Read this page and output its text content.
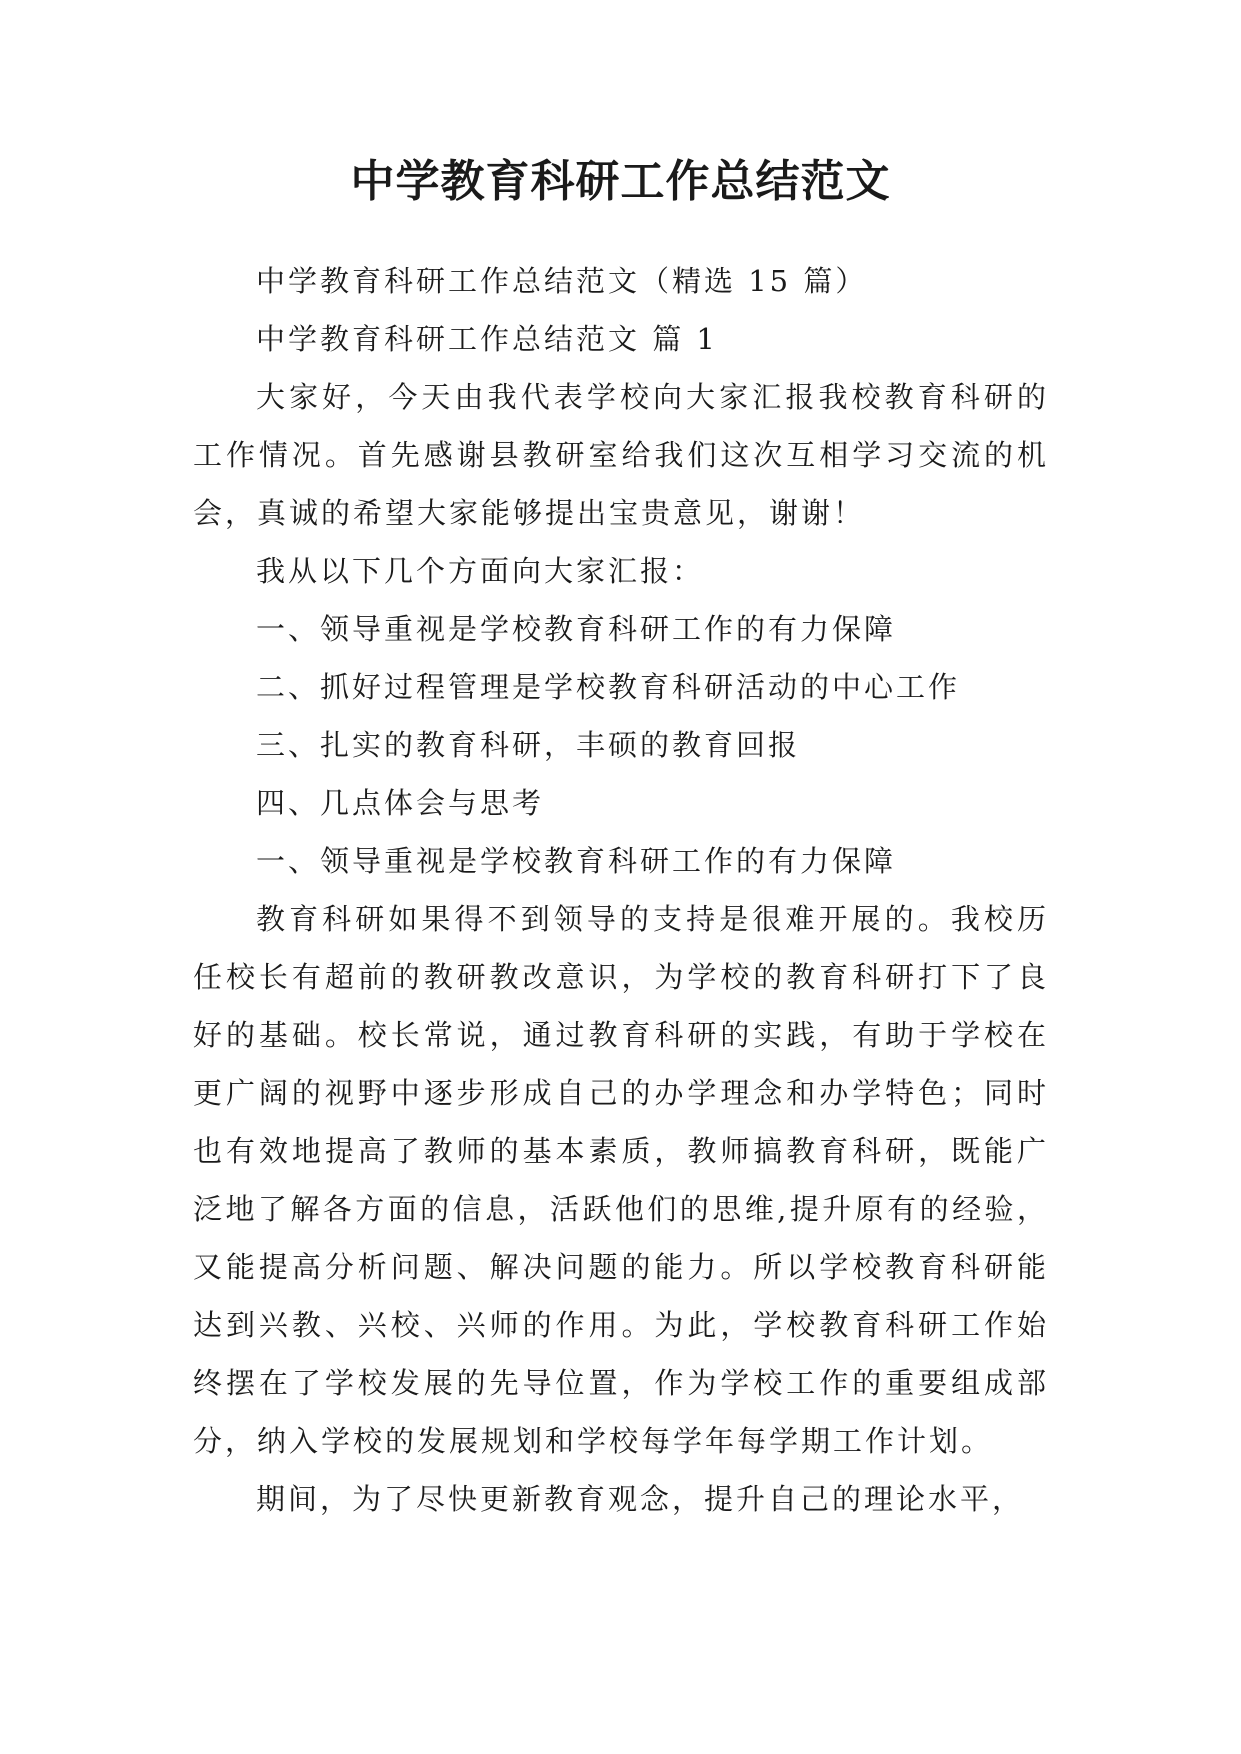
中学教育科研工作总结范文

中学教育科研工作总结范文（精选 15 篇）

中学教育科研工作总结范文 篇 1

大家好，今天由我代表学校向大家汇报我校教育科研的工作情况。首先感谢县教研室给我们这次互相学习交流的机会，真诚的希望大家能够提出宝贵意见，谢谢！

我从以下几个方面向大家汇报：

一、领导重视是学校教育科研工作的有力保障

二、抓好过程管理是学校教育科研活动的中心工作

三、扎实的教育科研，丰硕的教育回报

四、几点体会与思考

一、领导重视是学校教育科研工作的有力保障

教育科研如果得不到领导的支持是很难开展的。我校历任校长有超前的教研教改意识，为学校的教育科研打下了良好的基础。校长常说，通过教育科研的实践，有助于学校在更广阔的视野中逐步形成自己的办学理念和办学特色；同时也有效地提高了教师的基本素质，教师搞教育科研，既能广泛地了解各方面的信息，活跃他们的思维,提升原有的经验，又能提高分析问题、解决问题的能力。所以学校教育科研能达到兴教、兴校、兴师的作用。为此，学校教育科研工作始终摆在了学校发展的先导位置，作为学校工作的重要组成部分，纳入学校的发展规划和学校每学年每学期工作计划。

期间，为了尽快更新教育观念，提升自己的理论水平，
